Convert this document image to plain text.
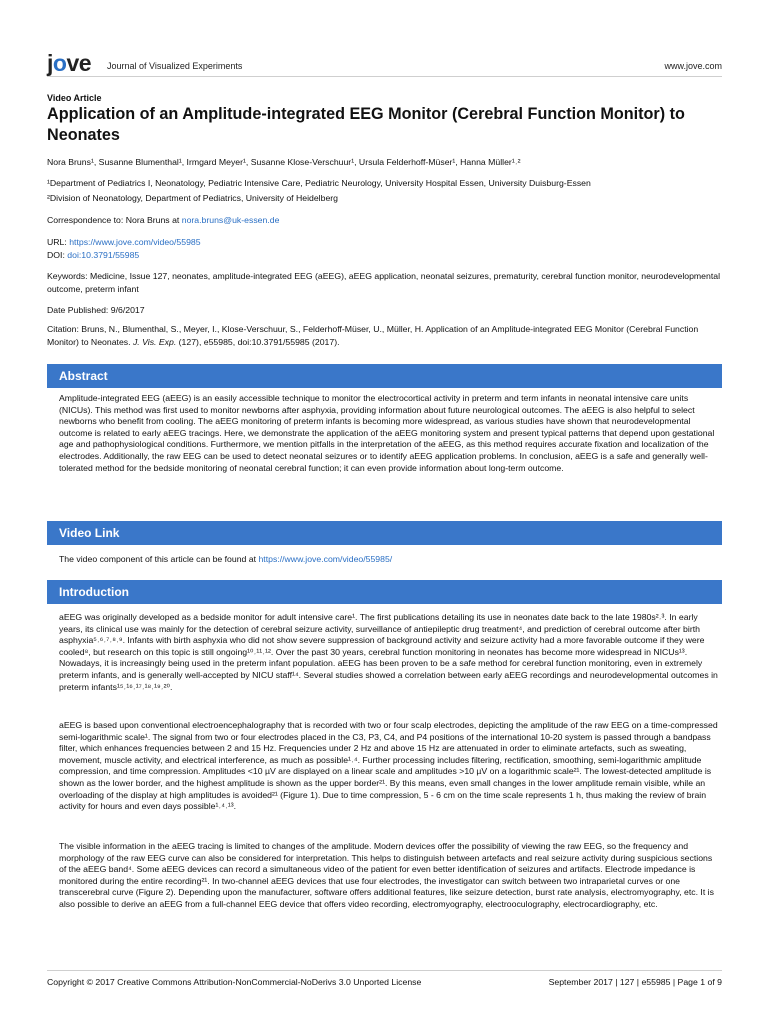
jove Journal of Visualized Experiments	www.jove.com
Video Article
Application of an Amplitude-integrated EEG Monitor (Cerebral Function Monitor) to Neonates
Nora Bruns¹, Susanne Blumenthal¹, Irmgard Meyer¹, Susanne Klose-Verschuur¹, Ursula Felderhoff-Müser¹, Hanna Müller¹˒²
¹Department of Pediatrics I, Neonatology, Pediatric Intensive Care, Pediatric Neurology, University Hospital Essen, University Duisburg-Essen
²Division of Neonatology, Department of Pediatrics, University of Heidelberg
Correspondence to: Nora Bruns at nora.bruns@uk-essen.de
URL: https://www.jove.com/video/55985
DOI: doi:10.3791/55985
Keywords: Medicine, Issue 127, neonates, amplitude-integrated EEG (aEEG), aEEG application, neonatal seizures, prematurity, cerebral function monitor, neurodevelopmental outcome, preterm infant
Date Published: 9/6/2017
Citation: Bruns, N., Blumenthal, S., Meyer, I., Klose-Verschuur, S., Felderhoff-Müser, U., Müller, H. Application of an Amplitude-integrated EEG Monitor (Cerebral Function Monitor) to Neonates. J. Vis. Exp. (127), e55985, doi:10.3791/55985 (2017).
Abstract

Amplitude-integrated EEG (aEEG) is an easily accessible technique to monitor the electrocortical activity in preterm and term infants in neonatal intensive care units (NICUs). This method was first used to monitor newborns after asphyxia, providing information about future neurological outcomes. The aEEG is also helpful to select newborns who benefit from cooling. The aEEG monitoring of preterm infants is becoming more widespread, as various studies have shown that neurodevelopmental outcome is related to early aEEG tracings. Here, we demonstrate the application of the aEEG monitoring system and present typical patterns that depend upon gestational age and pathophysiological conditions. Furthermore, we mention pitfalls in the interpretation of the aEEG, as this method requires accurate fixation and localization of the electrodes. Additionally, the raw EEG can be used to detect neonatal seizures or to identify aEEG application problems. In conclusion, aEEG is a safe and generally well-tolerated method for the bedside monitoring of neonatal cerebral function; it can even provide information about long-term outcome.

Video Link

The video component of this article can be found at https://www.jove.com/video/55985/

Introduction

aEEG was originally developed as a bedside monitor for adult intensive care¹. The first publications detailing its use in neonates date back to the late 1980s²˒³. In early years, its clinical use was mainly for the detection of cerebral seizure activity, surveillance of antiepileptic drug treatment⁴, and prediction of cerebral outcome after birth asphyxia⁵˒⁶˒⁷˒⁸˒⁹. Infants with birth asphyxia who did not show severe suppression of background activity and seizure activity had a more favorable outcome if they were cooled⁸, but research on this topic is still ongoing¹⁰˒¹¹˒¹². Over the past 30 years, cerebral function monitoring in neonates has become more widespread in NICUs¹³. Nowadays, it is increasingly being used in the preterm infant population. aEEG has been proven to be a safe method for cerebral function monitoring, even in extremely preterm infants, and is generally well-accepted by NICU staff¹⁴. Several studies showed a correlation between early aEEG recordings and neurodevelopmental outcomes in preterm infants¹⁵˒¹⁶˒¹⁷˒¹⁸˒¹⁹˒²⁰.

aEEG is based upon conventional electroencephalography that is recorded with two or four scalp electrodes, depicting the amplitude of the raw EEG on a time-compressed semi-logarithmic scale¹. The signal from two or four electrodes placed in the C3, P3, C4, and P4 positions of the international 10-20 system is passed through a bandpass filter, which enhances frequencies between 2 and 15 Hz. Frequencies under 2 Hz and above 15 Hz are attenuated in order to eliminate artefacts, such as sweating, movement, muscle activity, and electrical interference, as much as possible¹˒⁴. Further processing includes filtering, rectification, smoothing, semi-logarithmic amplitude compression, and time compression. Amplitudes <10 µV are displayed on a linear scale and amplitudes >10 µV on a logarithmic scale²¹. The lowest-detected amplitude is shown as the lower border, and the highest amplitude is shown as the upper border²¹. By this means, even small changes in the lower amplitude remain visible, while an overloading of the display at high amplitudes is avoided²¹ (Figure 1). Due to time compression, 5 - 6 cm on the time scale represents 1 h, thus making the review of brain activity for hours and even days possible¹˒⁴˒¹³.

The visible information in the aEEG tracing is limited to changes of the amplitude. Modern devices offer the possibility of viewing the raw EEG, so the frequency and morphology of the raw EEG curve can also be considered for interpretation. This helps to distinguish between artefacts and real seizure activity during suspicious sections of the aEEG band⁴. Some aEEG devices can record a simultaneous video of the patient for even better identification of seizures and artifacts. Electrode impedance is monitored during the entire recording²¹. In two-channel aEEG devices that use four electrodes, the investigator can switch between two intraparietal curves or one transcerebral curve (Figure 2). Depending upon the manufacturer, software offers additional features, like seizure detection, burst rate analysis, electromyography, etc. It is also possible to derive an aEEG from a full-channel EEG device that offers video recording, electromyography, electrooculography, electrocardiography, etc.

Copyright © 2017 Creative Commons Attribution-NonCommercial-NoDerivs 3.0 Unported License	September 2017 | 127 | e55985 | Page 1 of 9
